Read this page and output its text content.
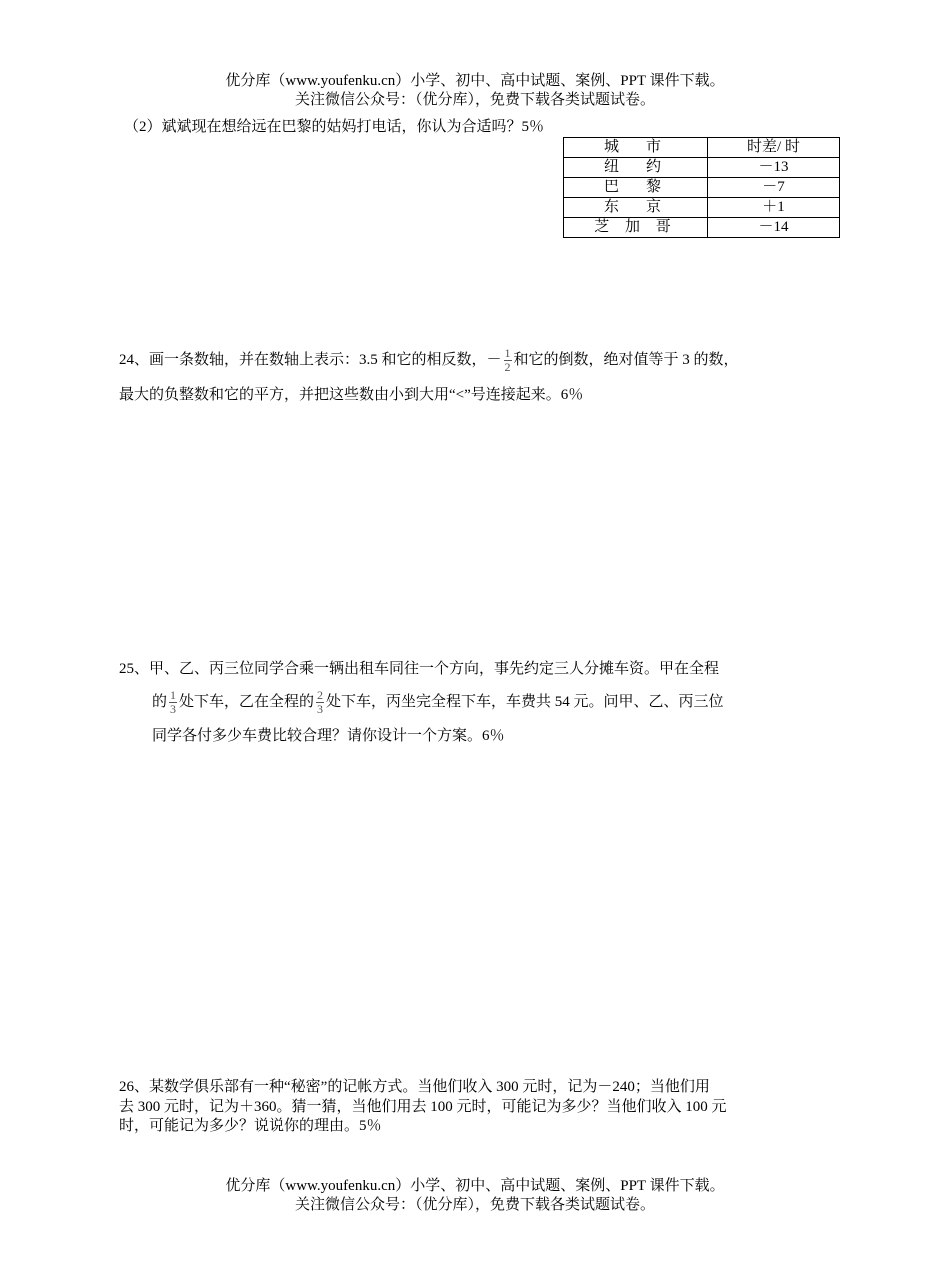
优分库（www.youfenku.cn）小学、初中、高中试题、案例、PPT 课件下载。
关注微信公众号：（优分库），免费下载各类试题试卷。
（2）斌斌现在想给远在巴黎的姑妈打电话，你认为合适吗？5％
城　市	时差/ 时
纽　约	－13
巴　黎	－7
东　京	＋1
芝 加 哥	－14
24、画一条数轴，并在数轴上表示：3.5 和它的相反数，－ $\frac{1}{2}$ 和它的倒数，绝对值等于 3 的数，
最大的负整数和它的平方，并把这些数由小到大用“<”号连接起来。6％
25、甲、乙、丙三位同学合乘一辆出租车同往一个方向，事先约定三人分摊车资。甲在全程
的 $\frac{1}{3}$ 处下车，乙在全程的 $\frac{2}{3}$ 处下车，丙坐完全程下车，车费共 54 元。问甲、乙、丙三位
同学各付多少车费比较合理？请你设计一个方案。6％
26、某数学俱乐部有一种“秘密”的记帐方式。当他们收入 300 元时，记为－240；当他们用
去 300 元时，记为＋360。猜一猜，当他们用去 100 元时，可能记为多少？当他们收入 100 元
时，可能记为多少？说说你的理由。5％
优分库（www.youfenku.cn）小学、初中、高中试题、案例、PPT 课件下载。
关注微信公众号：（优分库），免费下载各类试题试卷。
